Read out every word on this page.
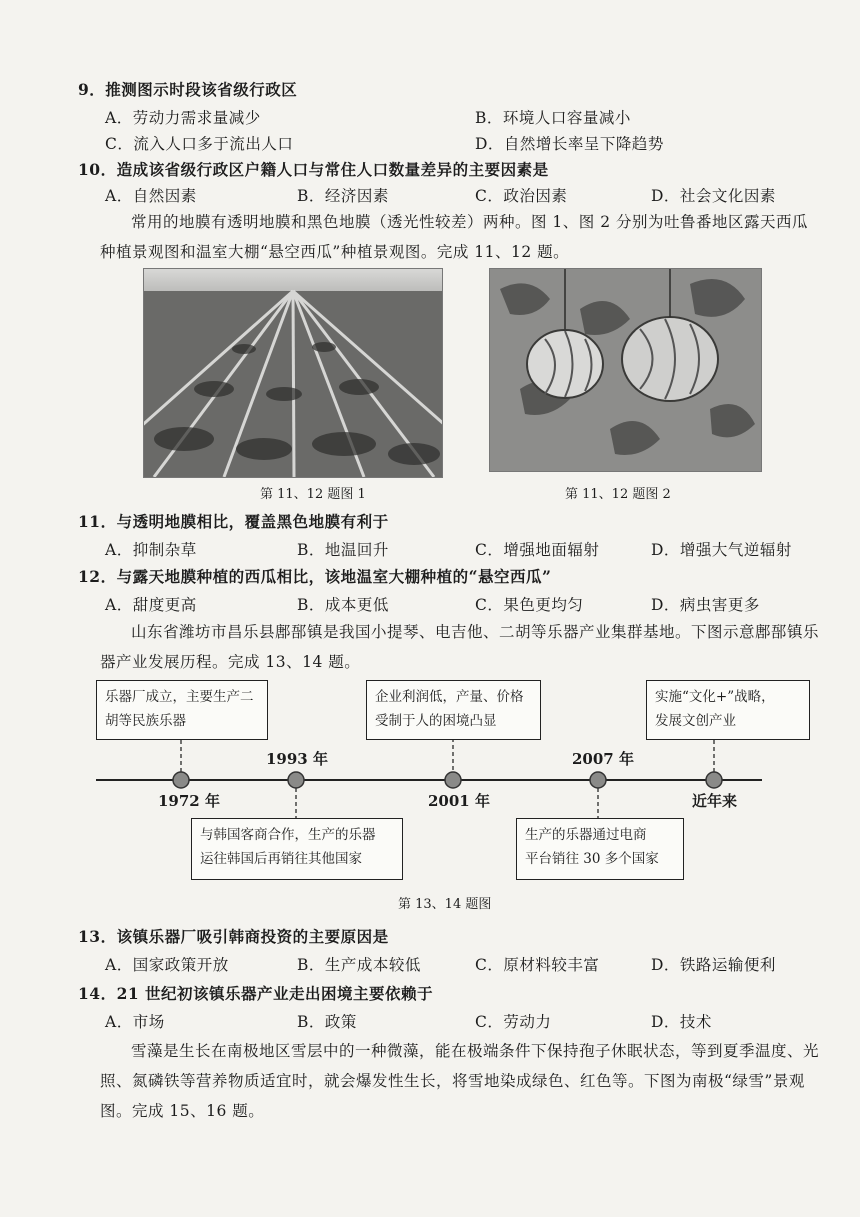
9．推测图示时段该省级行政区
A．劳动力需求量减少	B．环境人口容量减小
C．流入人口多于流出人口	D．自然增长率呈下降趋势
10．造成该省级行政区户籍人口与常住人口数量差异的主要因素是
A．自然因素	B．经济因素	C．政治因素	D．社会文化因素
常用的地膜有透明地膜和黑色地膜（透光性较差）两种。图 1、图 2 分别为吐鲁番地区露天西瓜种植景观图和温室大棚“悬空西瓜”种植景观图。完成 11、12 题。
第 11、12 题图 1	第 11、12 题图 2
11．与透明地膜相比，覆盖黑色地膜有利于
A．抑制杂草	B．地温回升	C．增强地面辐射	D．增强大气逆辐射
12．与露天地膜种植的西瓜相比，该地温室大棚种植的“悬空西瓜”
A．甜度更高	B．成本更低	C．果色更均匀	D．病虫害更多
山东省潍坊市昌乐县鄌郚镇是我国小提琴、电吉他、二胡等乐器产业集群基地。下图示意鄌郚镇乐器产业发展历程。完成 13、14 题。
乐器厂成立，主要生产二
胡等民族乐器
企业利润低，产量、价格
受制于人的困境凸显
实施“文化+”战略，
发展文创产业
与韩国客商合作，生产的乐器
运往韩国后再销往其他国家
生产的乐器通过电商
平台销往 30 多个国家
1972 年
1993 年
2001 年
2007 年
近年来
第 13、14 题图
13．该镇乐器厂吸引韩商投资的主要原因是
A．国家政策开放	B．生产成本较低	C．原材料较丰富	D．铁路运输便利
14．21 世纪初该镇乐器产业走出困境主要依赖于
A．市场	B．政策	C．劳动力	D．技术
雪藻是生长在南极地区雪层中的一种微藻，能在极端条件下保持孢子休眠状态，等到夏季温度、光照、氮磷铁等营养物质适宜时，就会爆发性生长，将雪地染成绿色、红色等。下图为南极“绿雪”景观图。完成 15、16 题。
